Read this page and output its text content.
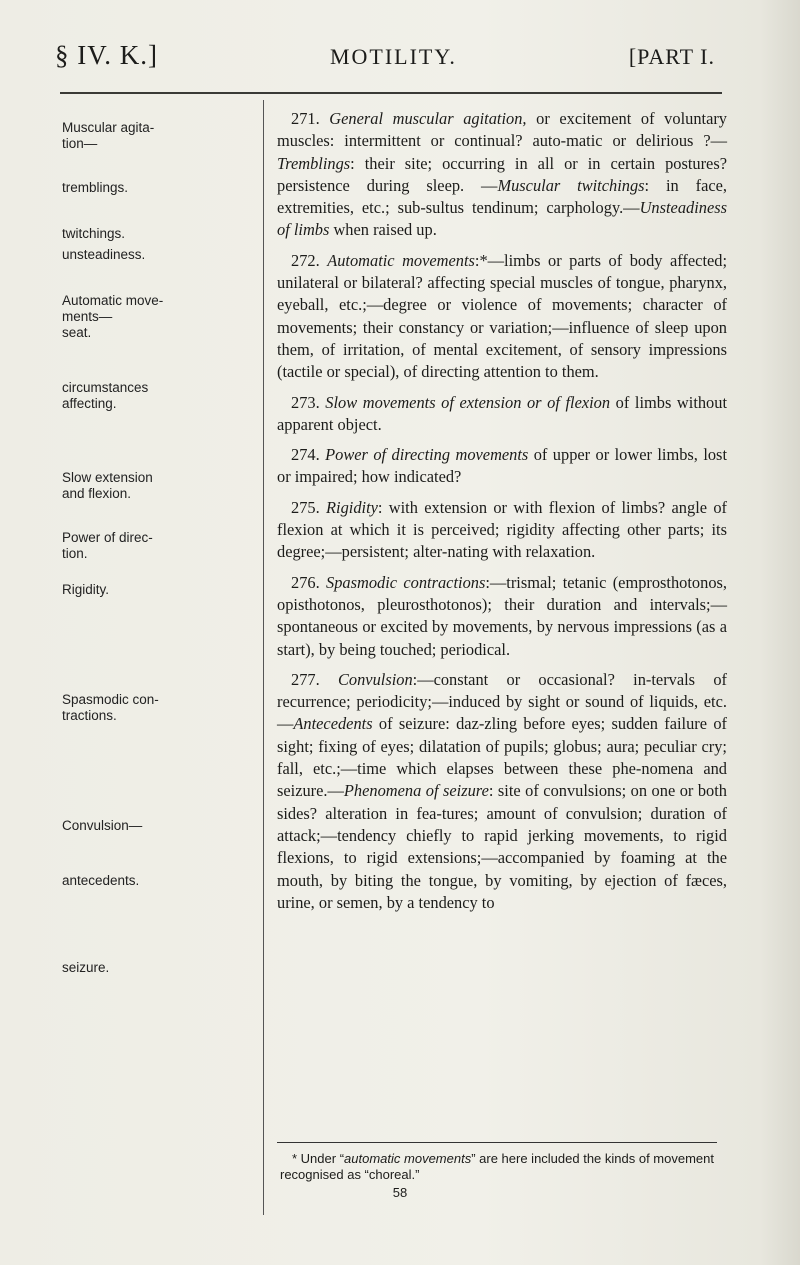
§ IV. K.]	MOTILITY.	[PART I.
Muscular agita-
tion—
tremblings.
twitchings.
unsteadiness.
Automatic move-
ments—
seat.
circumstances
affecting.
Slow extension
and flexion.
Power of direc-
tion.
Rigidity.
Spasmodic con-
tractions.
Convulsion—
antecedents.
seizure.

271. General muscular agitation, or excitement of voluntary muscles: intermittent or continual? auto-matic or delirious ?—Tremblings: their site; occurring in all or in certain postures? persistence during sleep. —Muscular twitchings: in face, extremities, etc.; sub-sultus tendinum; carphology.—Unsteadiness of limbs when raised up.

272. Automatic movements:*—limbs or parts of body affected; unilateral or bilateral? affecting special muscles of tongue, pharynx, eyeball, etc.;—degree or violence of movements; character of movements; their constancy or variation;—influence of sleep upon them, of irritation, of mental excitement, of sensory impressions (tactile or special), of directing attention to them.

273. Slow movements of extension or of flexion of limbs without apparent object.

274. Power of directing movements of upper or lower limbs, lost or impaired; how indicated?

275. Rigidity: with extension or with flexion of limbs? angle of flexion at which it is perceived; rigidity affecting other parts; its degree;—persistent; alter-nating with relaxation.

276. Spasmodic contractions:—trismal; tetanic (emprosthotonos, opisthotonos, pleurosthotonos); their duration and intervals;—spontaneous or excited by movements, by nervous impressions (as a start), by being touched; periodical.

277. Convulsion:—constant or occasional? in-tervals of recurrence; periodicity;—induced by sight or sound of liquids, etc.—Antecedents of seizure: daz-zling before eyes; sudden failure of sight; fixing of eyes; dilatation of pupils; globus; aura; peculiar cry; fall, etc.;—time which elapses between these phe-nomena and seizure.—Phenomena of seizure: site of convulsions; on one or both sides? alteration in fea-tures; amount of convulsion; duration of attack;—tendency chiefly to rapid jerking movements, to rigid flexions, to rigid extensions;—accompanied by foaming at the mouth, by biting the tongue, by vomiting, by ejection of fæces, urine, or semen, by a tendency to

* Under “automatic movements” are here included the kinds of movement recognised as “choreal.”
58
